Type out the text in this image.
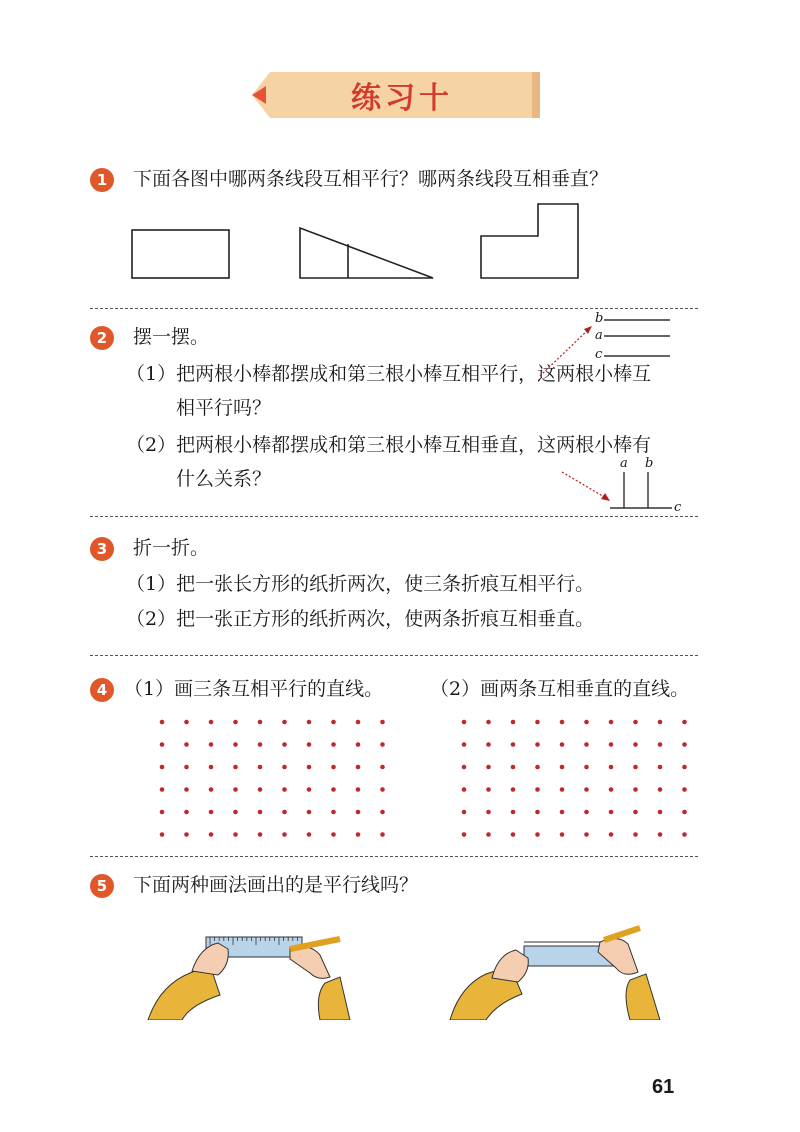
练习十
1	下面各图中哪两条线段互相平行？哪两条线段互相垂直？
2	摆一摆。
（1）把两根小棒都摆成和第三根小棒互相平行，这两根小棒互
相平行吗？
（2）把两根小棒都摆成和第三根小棒互相垂直，这两根小棒有
什么关系？
b
a
c
a b
c
3	折一折。
（1）把一张长方形的纸折两次，使三条折痕互相平行。
（2）把一张正方形的纸折两次，使两条折痕互相垂直。
4 （1）画三条互相平行的直线。 （2）画两条互相垂直的直线。
5	下面两种画法画出的是平行线吗？
61
